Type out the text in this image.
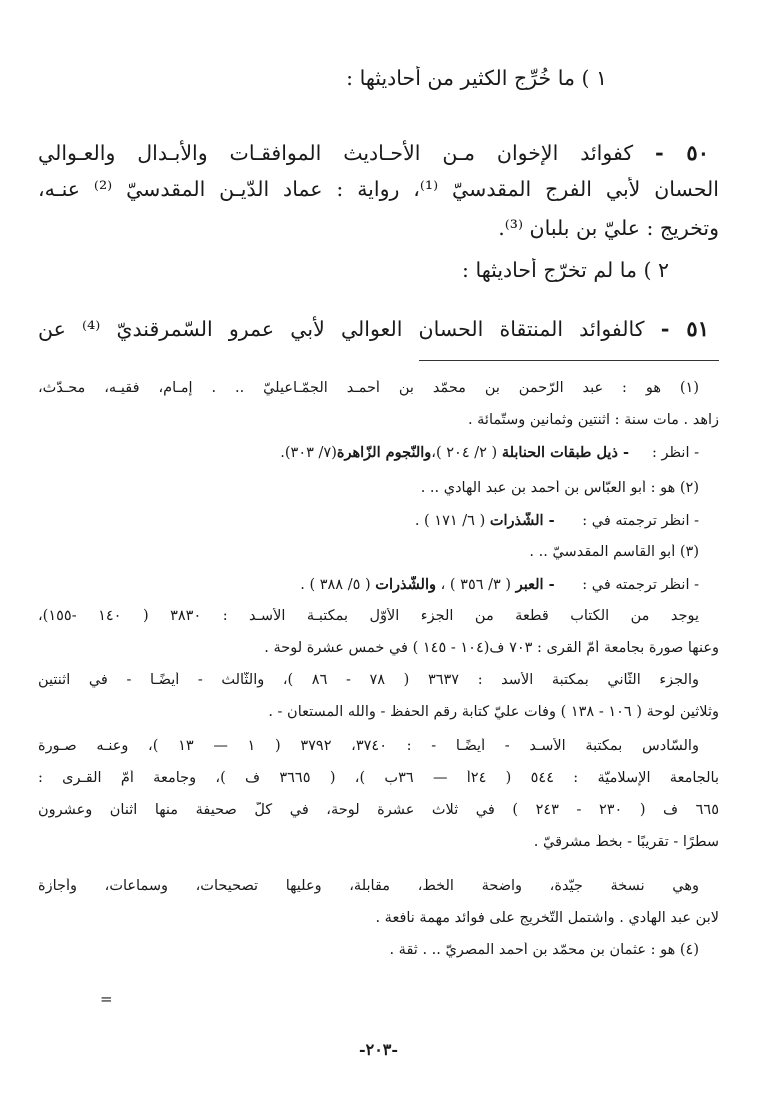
١ ) ما خُرِّج الكثير من أحاديثها :
٥٠ - كفوائد الإخوان مـن الأحـاديث الموافقـات والأبـدال والعـوالي
الحسان لأبي الفرج المقدسيّ ⁽¹⁾، رواية : عماد الدّيـن المقدسيّ ⁽²⁾ عنـه،
وتخريج : عليّ بن بلبان ⁽³⁾.
٢ ) ما لم تخرّج أحاديثها :
٥١ - كالفوائد المنتقاة الحسان العوالي لأبي عمرو السّمرقنديّ ⁽⁴⁾ عن
(١) هو : عبد الرّحمن بن محمّد بن أحمـد الجمّـاعيليّ .. . إمـام، فقيـه، محـدّث،
زاهد . مات سنة : اثنتين وثمانين وستّمائة .
- انظر :     - ذيل طبقات الحنابلة ( ٢/ ٢٠٤ )،والنّجوم الزّاهرة(٧/ ٣٠٣).
(٢) هو : أبو العبّاس بن أحمد بن عبد الهادي .. .
- انظر ترجمته في :      - الشّذرات ( ٦/ ١٧١ ) .
(٣) أبو القاسم المقدسيّ .. .
- انظر ترجمته في :      - العبر ( ٣/ ٣٥٦ ) ، والشّذرات ( ٥/ ٣٨٨ ) .
يوجد من الكتاب قطعة من الجزء الأوّل بمكتبـة الأسـد : ٣٨٣٠ ( ١٤٠ -١٥٥)،
وعنها صورة بجامعة أمّ القرى : ٧٠٣ ف(١٠٤ - ١٤٥ ) في خمس عشرة لوحة .
والجزء الثّاني بمكتبة الأسد : ٣٦٣٧ ( ٧٨ - ٨٦ )، والثّالث - أيضًـا - في اثنتين
وثلاثين لوحة ( ١٠٦ - ١٣٨ ) وفات عليّ كتابة رقم الحفظ - والله المستعان - .
والسّادس بمكتبة الأسـد - أيضًـا - : ٣٧٤٠، ٣٧٩٢ ( ١ — ١٣ )، وعنـه صـورة
بالجامعة الإسلاميّة : ٥٤٤ ( ٢٤أ — ٣٦ب )، ( ٣٦٦٥ ف )، وجامعة أمّ القـرى :
٦٦٥ ف ( ٢٣٠ - ٢٤٣ ) في ثلاث عشرة لوحة، في كلّ صحيفة منها اثنان وعشرون
سطرًا - تقريبًا - بخطّ مشرقيّ .
وهي نسخة جيّدة، واضحة الخطّ، مقابلة، وعليها تصحيحات، وسماعات، وأجازة
لابن عبد الهادي . واشتمل التّخريج على فوائد مهمة نافعة .
(٤) هو : عثمان بن محمّد بن أحمد المصريّ .. . ثقة .
=
-٢٠٣-
